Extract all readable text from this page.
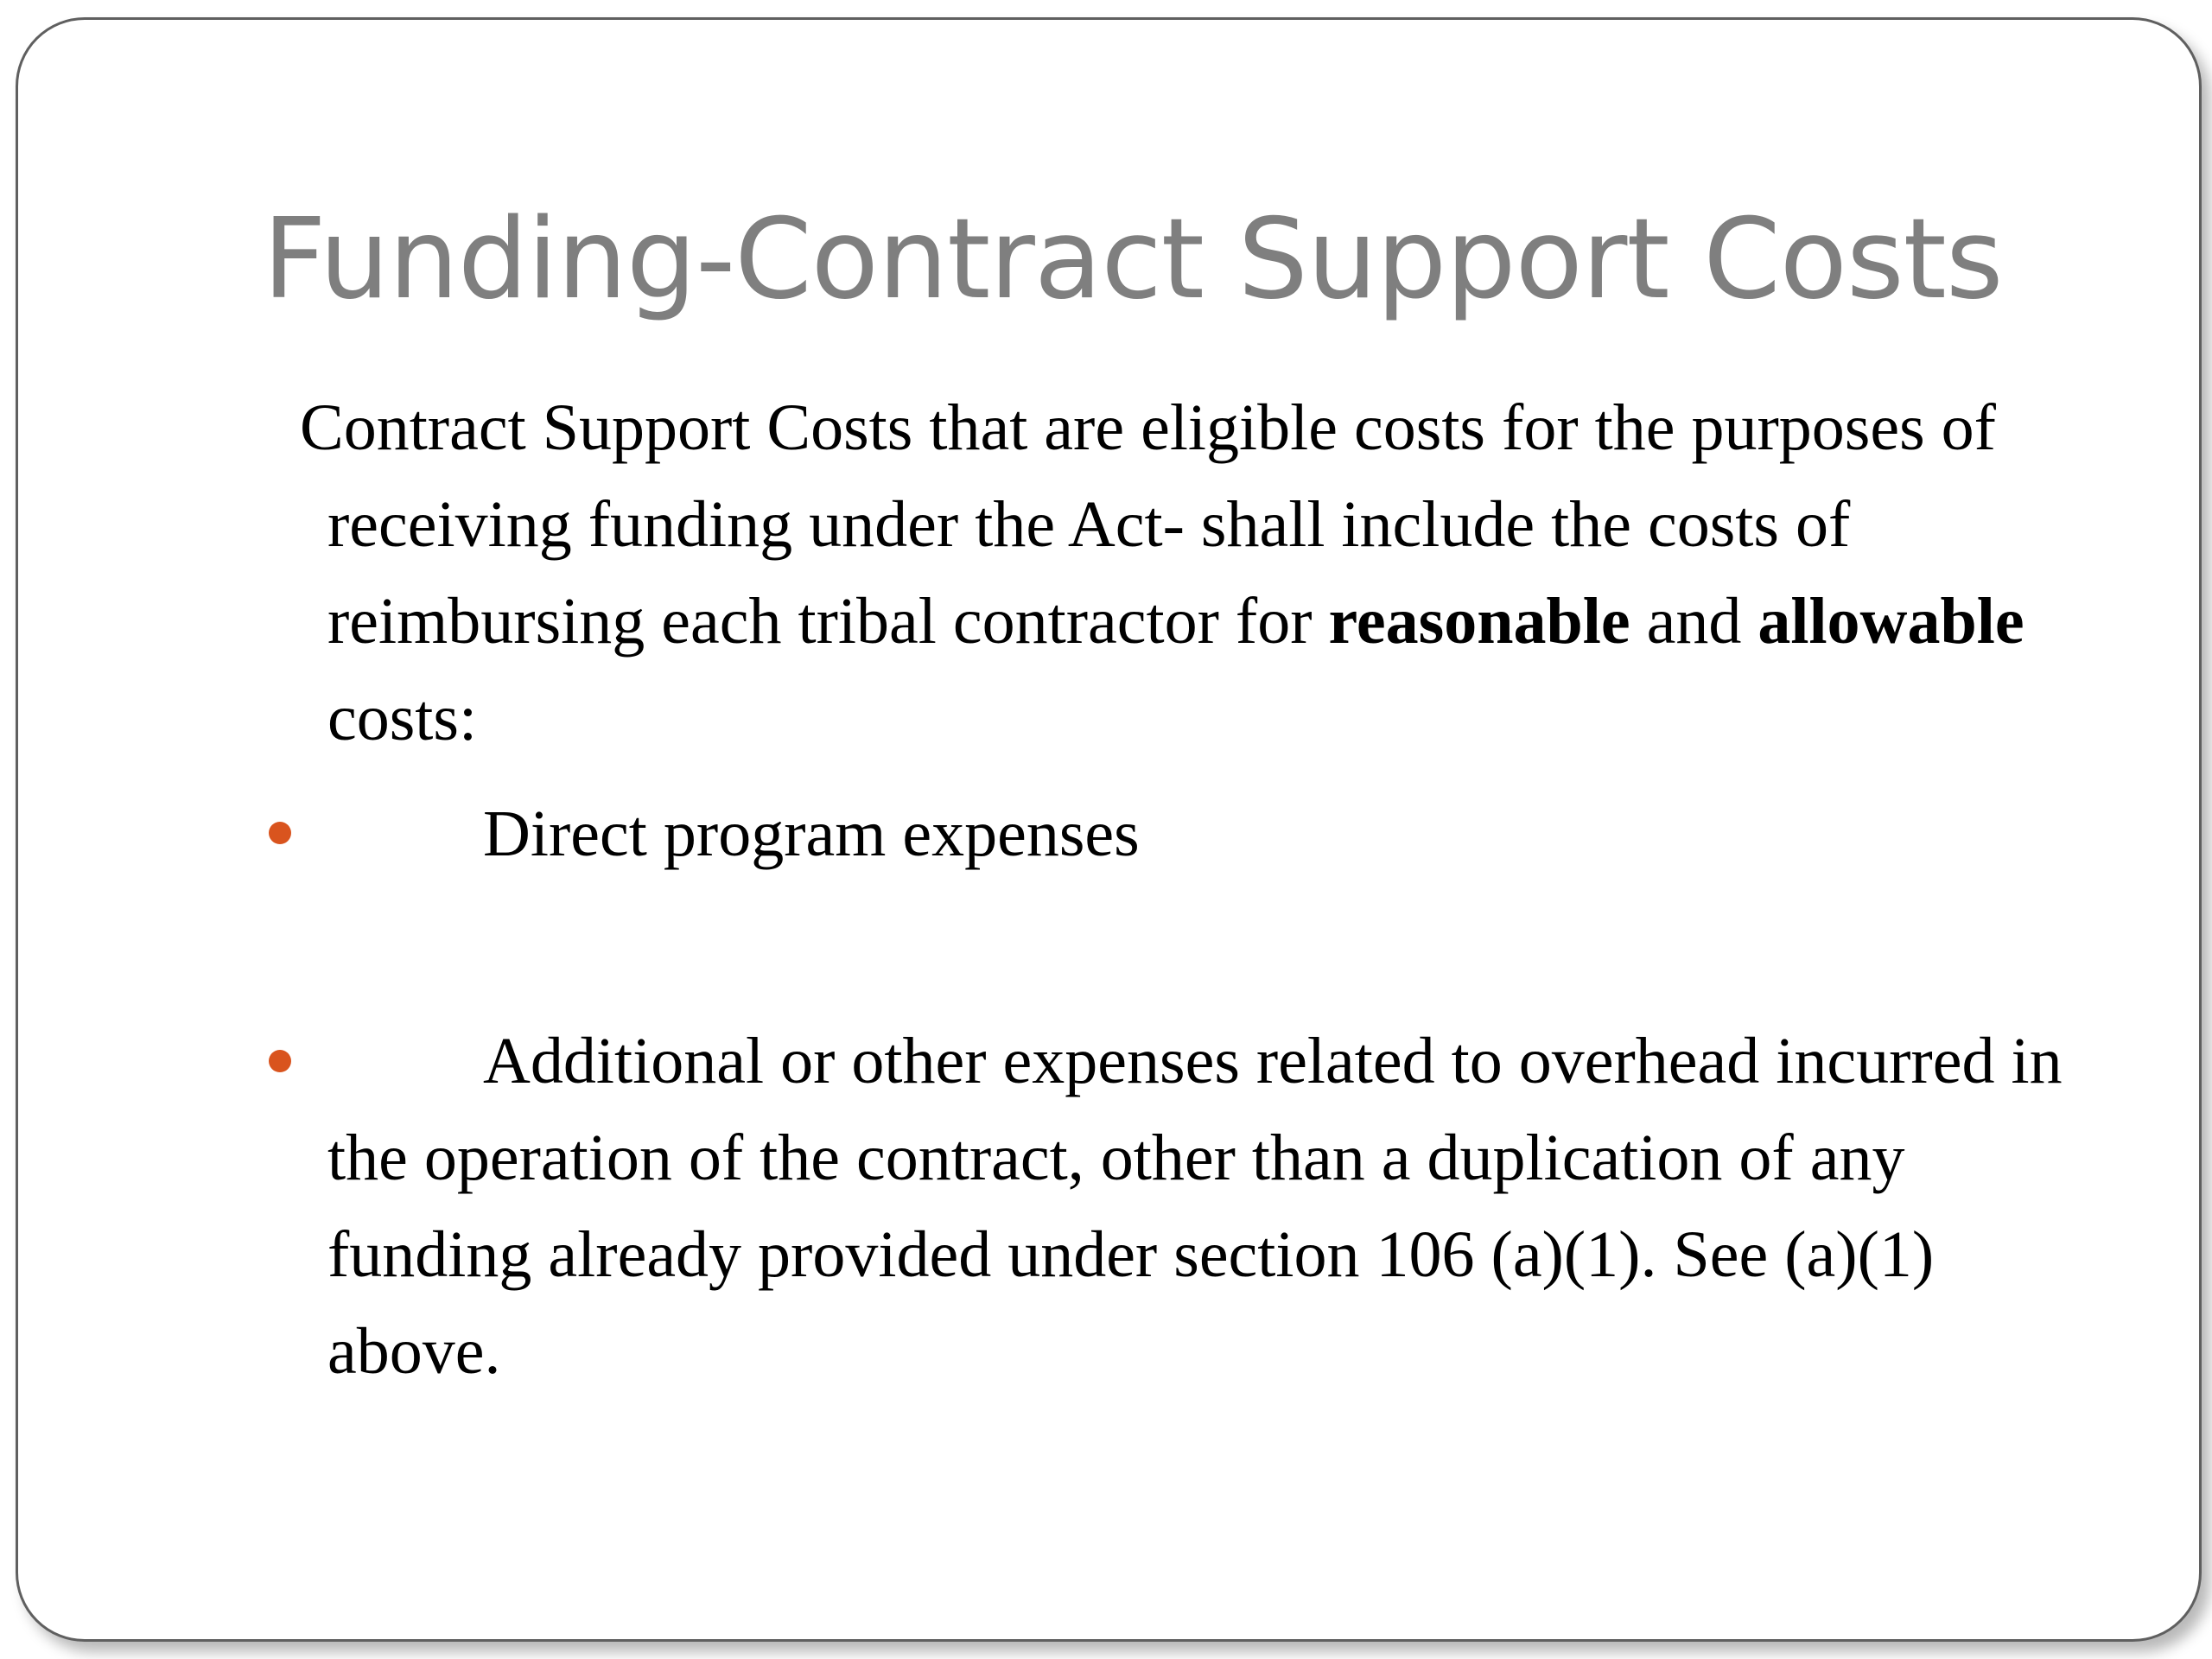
Funding-Contract Support Costs

Contract Support Costs that are eligible costs for the purposes of receiving funding under the Act- shall include the costs of reimbursing each tribal contractor for reasonable and allowable costs:

Direct program expenses

Additional or other expenses related to overhead incurred in the operation of the contract, other than a duplication of any funding already provided under section 106 (a)(1). See (a)(1) above.
